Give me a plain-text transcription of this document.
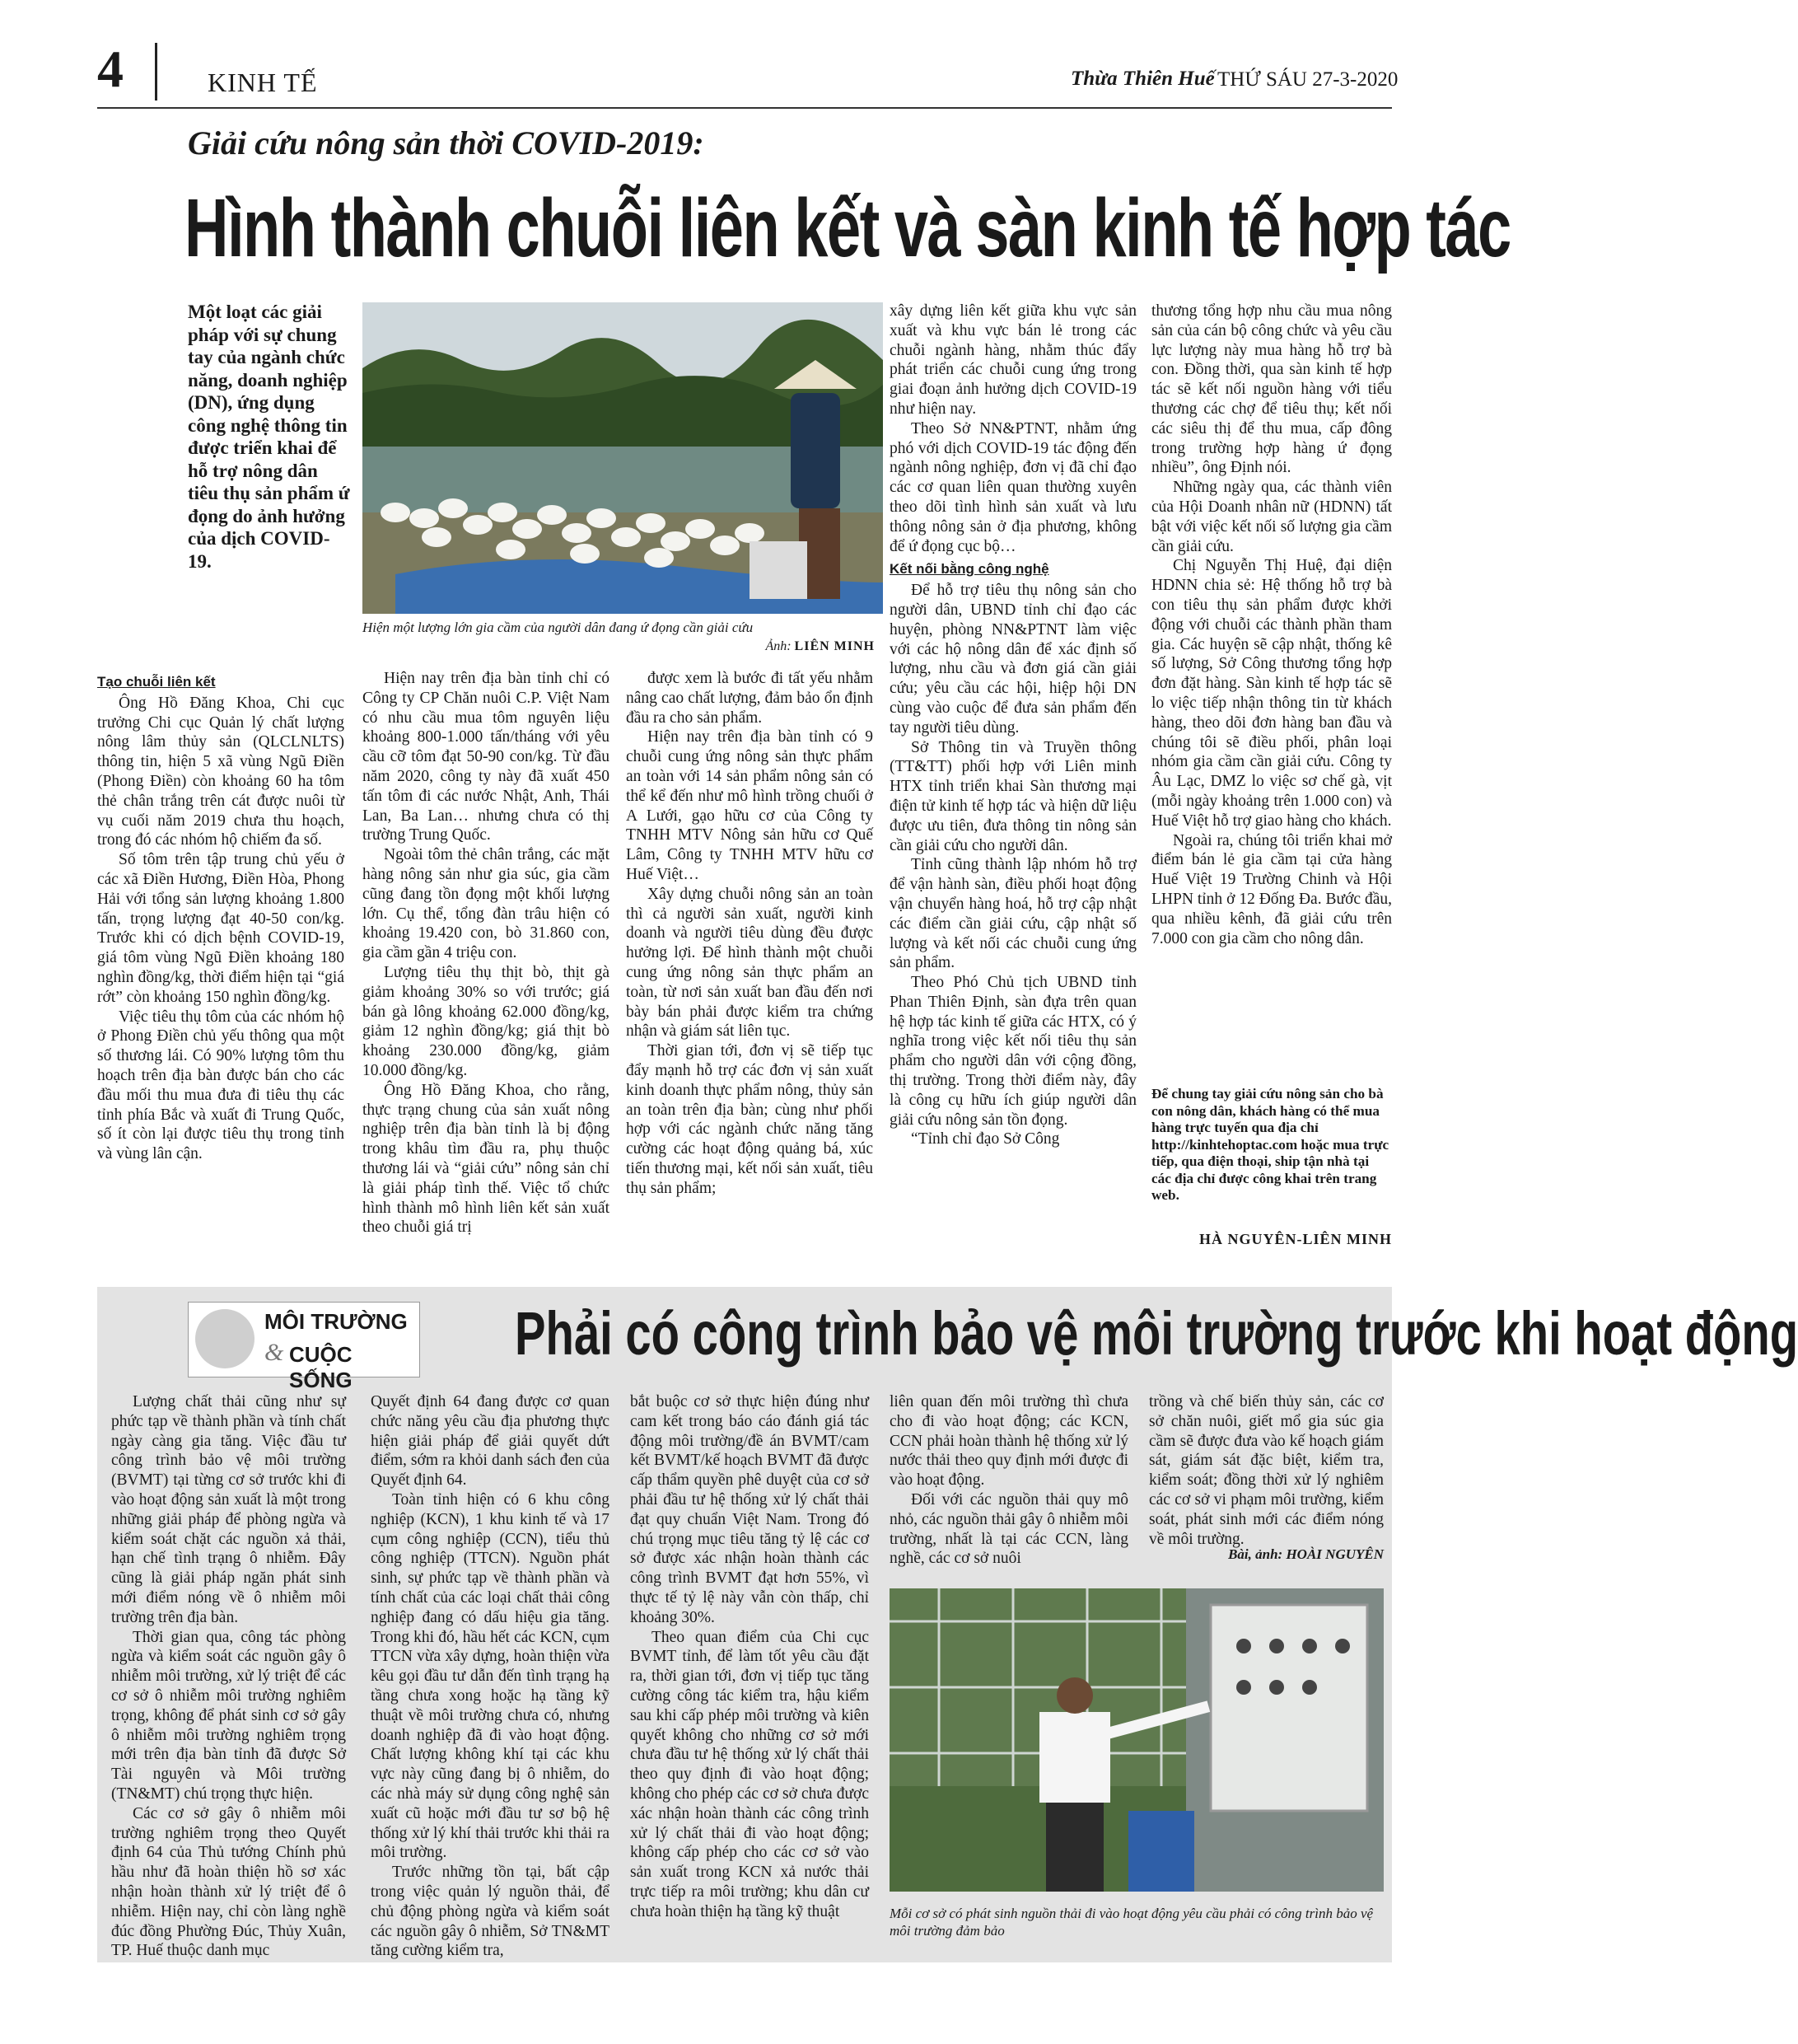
4	KINH TẾ	Thừa Thiên Huế THỨ SÁU 27-3-2020
Giải cứu nông sản thời COVID-2019:
Hình thành chuỗi liên kết và sàn kinh tế hợp tác
Một loạt các giải pháp với sự chung tay của ngành chức năng, doanh nghiệp (DN), ứng dụng công nghệ thông tin được triển khai để hỗ trợ nông dân tiêu thụ sản phẩm ứ đọng do ảnh hưởng của dịch COVID-19.
Hiện một lượng lớn gia cầm của người dân đang ứ đọng cần giải cứu
Ảnh: LIÊN MINH
Tạo chuỗi liên kết

Ông Hồ Đăng Khoa, Chi cục trưởng Chi cục Quản lý chất lượng nông lâm thủy sản (QLCLNLTS) thông tin, hiện 5 xã vùng Ngũ Điền (Phong Điền) còn khoảng 60 ha tôm thẻ chân trắng trên cát được nuôi từ vụ cuối năm 2019 chưa thu hoạch, trong đó các nhóm hộ chiếm đa số.

Số tôm trên tập trung chủ yếu ở các xã Điền Hương, Điền Hòa, Phong Hải với tổng sản lượng khoảng 1.800 tấn, trọng lượng đạt 40-50 con/kg. Trước khi có dịch bệnh COVID-19, giá tôm vùng Ngũ Điền khoảng 180 nghìn đồng/kg, thời điểm hiện tại “giá rớt” còn khoảng 150 nghìn đồng/kg.

Việc tiêu thụ tôm của các nhóm hộ ở Phong Điền chủ yếu thông qua một số thương lái. Có 90% lượng tôm thu hoạch trên địa bàn được bán cho các đầu mối thu mua đưa đi tiêu thụ các tỉnh phía Bắc và xuất đi Trung Quốc, số ít còn lại được tiêu thụ trong tỉnh và vùng lân cận.

Hiện nay trên địa bàn tỉnh chỉ có Công ty CP Chăn nuôi C.P. Việt Nam có nhu cầu mua tôm nguyên liệu khoảng 800-1.000 tấn/tháng với yêu cầu cỡ tôm đạt 50-90 con/kg. Từ đầu năm 2020, công ty này đã xuất 450 tấn tôm đi các nước Nhật, Anh, Thái Lan, Ba Lan… nhưng chưa có thị trường Trung Quốc.

Ngoài tôm thẻ chân trắng, các mặt hàng nông sản như gia súc, gia cầm cũng đang tồn đọng một khối lượng lớn. Cụ thể, tổng đàn trâu hiện có khoảng 19.420 con, bò 31.860 con, gia cầm gần 4 triệu con.

Lượng tiêu thụ thịt bò, thịt gà giảm khoảng 30% so với trước; giá bán gà lông khoảng 62.000 đồng/kg, giảm 12 nghìn đồng/kg; giá thịt bò khoảng 230.000 đồng/kg, giảm 10.000 đồng/kg.

Ông Hồ Đăng Khoa, cho rằng, thực trạng chung của sản xuất nông nghiệp trên địa bàn tỉnh là bị động trong khâu tìm đầu ra, phụ thuộc thương lái và “giải cứu” nông sản chỉ là giải pháp tình thế. Việc tổ chức hình thành mô hình liên kết sản xuất theo chuỗi giá trị

được xem là bước đi tất yếu nhằm nâng cao chất lượng, đảm bảo ổn định đầu ra cho sản phẩm.

Hiện nay trên địa bàn tỉnh có 9 chuỗi cung ứng nông sản thực phẩm an toàn với 14 sản phẩm nông sản có thể kể đến như mô hình trồng chuối ở A Lưới, gạo hữu cơ của Công ty TNHH MTV Nông sản hữu cơ Quế Lâm, Công ty TNHH MTV hữu cơ Huế Việt…

Xây dựng chuỗi nông sản an toàn thì cả người sản xuất, người kinh doanh và người tiêu dùng đều được hưởng lợi. Để hình thành một chuỗi cung ứng nông sản thực phẩm an toàn, từ nơi sản xuất ban đầu đến nơi bày bán phải được kiểm tra chứng nhận và giám sát liên tục.

Thời gian tới, đơn vị sẽ tiếp tục đẩy mạnh hỗ trợ các đơn vị sản xuất kinh doanh thực phẩm nông, thủy sản an toàn trên địa bàn; cùng như phối hợp với các ngành chức năng tăng cường các hoạt động quảng bá, xúc tiến thương mại, kết nối sản xuất, tiêu thụ sản phẩm;

xây dựng liên kết giữa khu vực sản xuất và khu vực bán lẻ trong các chuỗi ngành hàng, nhằm thúc đẩy phát triển các chuỗi cung ứng trong giai đoạn ảnh hưởng dịch COVID-19 như hiện nay.

Theo Sở NN&PTNT, nhằm ứng phó với dịch COVID-19 tác động đến ngành nông nghiệp, đơn vị đã chỉ đạo các cơ quan liên quan thường xuyên theo dõi tình hình sản xuất và lưu thông nông sản ở địa phương, không để ứ đọng cục bộ…

Kết nối bằng công nghệ

Để hỗ trợ tiêu thụ nông sản cho người dân, UBND tỉnh chỉ đạo các huyện, phòng NN&PTNT làm việc với các hộ nông dân để xác định số lượng, nhu cầu và đơn giá cần giải cứu; yêu cầu các hội, hiệp hội DN cùng vào cuộc để đưa sản phẩm đến tay người tiêu dùng.

Sở Thông tin và Truyền thông (TT&TT) phối hợp với Liên minh HTX tỉnh triển khai Sàn thương mại điện tử kinh tế hợp tác và hiện dữ liệu được ưu tiên, đưa thông tin nông sản cần giải cứu cho người dân.

Tỉnh cũng thành lập nhóm hỗ trợ để vận hành sàn, điều phối hoạt động vận chuyển hàng hoá, hỗ trợ cập nhật các điểm cần giải cứu, cập nhật số lượng và kết nối các chuỗi cung ứng sản phẩm.

Theo Phó Chủ tịch UBND tỉnh Phan Thiên Định, sàn đựa trên quan hệ hợp tác kinh tế giữa các HTX, có ý nghĩa trong việc kết nối tiêu thụ sản phẩm cho người dân với cộng đồng, thị trường. Trong thời điểm này, đây là công cụ hữu ích giúp người dân giải cứu nông sản tồn đọng.

“Tỉnh chỉ đạo Sở Công

thương tổng hợp nhu cầu mua nông sản của cán bộ công chức và yêu cầu lực lượng này mua hàng hỗ trợ bà con. Đồng thời, qua sàn kinh tế hợp tác sẽ kết nối nguồn hàng với tiểu thương các chợ để tiêu thụ; kết nối các siêu thị để thu mua, cấp đông trong trường hợp hàng ứ đọng nhiều”, ông Định nói.

Những ngày qua, các thành viên của Hội Doanh nhân nữ (HDNN) tất bật với việc kết nối số lượng gia cầm cần giải cứu.

Chị Nguyễn Thị Huệ, đại diện HDNN chia sẻ: Hệ thống hỗ trợ bà con tiêu thụ sản phẩm được khởi động với chuỗi các thành phần tham gia. Các huyện sẽ cập nhật, thống kê số lượng, Sở Công thương tổng hợp đơn đặt hàng. Sàn kinh tế hợp tác sẽ lo việc tiếp nhận thông tin từ khách hàng, theo dõi đơn hàng ban đầu và chúng tôi sẽ điều phối, phân loại nhóm gia cầm cần giải cứu. Công ty Âu Lạc, DMZ lo việc sơ chế gà, vịt (mỗi ngày khoảng trên 1.000 con) và Huế Việt hỗ trợ giao hàng cho khách.

Ngoài ra, chúng tôi triển khai mở điểm bán lẻ gia cầm tại cửa hàng Huế Việt 19 Trường Chinh và Hội LHPN tỉnh ở 12 Đống Đa. Bước đầu, qua nhiều kênh, đã giải cứu trên 7.000 con gia cầm cho nông dân.

Để chung tay giải cứu nông sản cho bà con nông dân, khách hàng có thể mua hàng trực tuyến qua địa chỉ http://kinhtehoptac.com hoặc mua trực tiếp, qua điện thoại, ship tận nhà tại các địa chỉ được công khai trên trang web.
HÀ NGUYÊN-LIÊN MINH
MÔI TRƯỜNG
& CUỘC SỐNG
Phải có công trình bảo vệ môi trường trước khi hoạt động

Lượng chất thải cũng như sự phức tạp về thành phần và tính chất ngày càng gia tăng. Việc đầu tư công trình bảo vệ môi trường (BVMT) tại từng cơ sở trước khi đi vào hoạt động sản xuất là một trong những giải pháp để phòng ngừa và kiểm soát chặt các nguồn xả thải, hạn chế tình trạng ô nhiễm. Đây cũng là giải pháp ngăn phát sinh mới điểm nóng về ô nhiễm môi trường trên địa bàn.

Thời gian qua, công tác phòng ngừa và kiểm soát các nguồn gây ô nhiễm môi trường, xử lý triệt để các cơ sở ô nhiễm môi trường nghiêm trọng, không để phát sinh cơ sở gây ô nhiễm môi trường nghiêm trọng mới trên địa bàn tỉnh đã được Sở Tài nguyên và Môi trường (TN&MT) chú trọng thực hiện.

Các cơ sở gây ô nhiễm môi trường nghiêm trọng theo Quyết định 64 của Thủ tướng Chính phủ hầu như đã hoàn thiện hồ sơ xác nhận hoàn thành xử lý triệt để ô nhiễm. Hiện nay, chỉ còn làng nghề đúc đồng Phường Đúc, Thủy Xuân, TP. Huế thuộc danh mục

Quyết định 64 đang được cơ quan chức năng yêu cầu địa phương thực hiện giải pháp để giải quyết dứt điểm, sớm ra khỏi danh sách đen của Quyết định 64.

Toàn tỉnh hiện có 6 khu công nghiệp (KCN), 1 khu kinh tế và 17 cụm công nghiệp (CCN), tiểu thủ công nghiệp (TTCN). Nguồn phát sinh, sự phức tạp về thành phần và tính chất của các loại chất thải công nghiệp đang có dấu hiệu gia tăng. Trong khi đó, hầu hết các KCN, cụm TTCN vừa xây dựng, hoàn thiện vừa kêu gọi đầu tư dẫn đến tình trạng hạ tầng chưa xong hoặc hạ tầng kỹ thuật về môi trường chưa có, nhưng doanh nghiệp đã đi vào hoạt động. Chất lượng không khí tại các khu vực này cũng đang bị ô nhiễm, do các nhà máy sử dụng công nghệ sản xuất cũ hoặc mới đầu tư sơ bộ hệ thống xử lý khí thải trước khi thải ra môi trường.

Trước những tồn tại, bất cập trong việc quản lý nguồn thải, để chủ động phòng ngừa và kiểm soát các nguồn gây ô nhiễm, Sở TN&MT tăng cường kiểm tra,

bắt buộc cơ sở thực hiện đúng như cam kết trong báo cáo đánh giá tác động môi trường/đề án BVMT/cam kết BVMT/kế hoạch BVMT đã được cấp thẩm quyền phê duyệt của cơ sở phải đầu tư hệ thống xử lý chất thải đạt quy chuẩn Việt Nam. Trong đó chú trọng mục tiêu tăng tỷ lệ các cơ sở được xác nhận hoàn thành các công trình BVMT đạt hơn 55%, vì thực tế tỷ lệ này vẫn còn thấp, chỉ khoảng 30%.

Theo quan điểm của Chi cục BVMT tỉnh, để làm tốt yêu cầu đặt ra, thời gian tới, đơn vị tiếp tục tăng cường công tác kiểm tra, hậu kiểm sau khi cấp phép môi trường và kiên quyết không cho những cơ sở mới chưa đầu tư hệ thống xử lý chất thải theo quy định đi vào hoạt động; không cho phép các cơ sở chưa được xác nhận hoàn thành các công trình xử lý chất thải đi vào hoạt động; không cấp phép cho các cơ sở vào sản xuất trong KCN xả nước thải trực tiếp ra môi trường; khu dân cư chưa hoàn thiện hạ tầng kỹ thuật

liên quan đến môi trường thì chưa cho đi vào hoạt động; các KCN, CCN phải hoàn thành hệ thống xử lý nước thải theo quy định mới được đi vào hoạt động.

Đối với các nguồn thải quy mô nhỏ, các nguồn thải gây ô nhiễm môi trường, nhất là tại các CCN, làng nghề, các cơ sở nuôi

trồng và chế biến thủy sản, các cơ sở chăn nuôi, giết mổ gia súc gia cầm sẽ được đưa vào kế hoạch giám sát, giám sát đặc biệt, kiểm tra, kiểm soát; đồng thời xử lý nghiêm các cơ sở vi phạm môi trường, kiểm soát, phát sinh mới các điểm nóng về môi trường.

Bài, ảnh: HOÀI NGUYÊN
Mỗi cơ sở có phát sinh nguồn thải đi vào hoạt động yêu cầu phải có công trình bảo vệ môi trường đảm bảo
